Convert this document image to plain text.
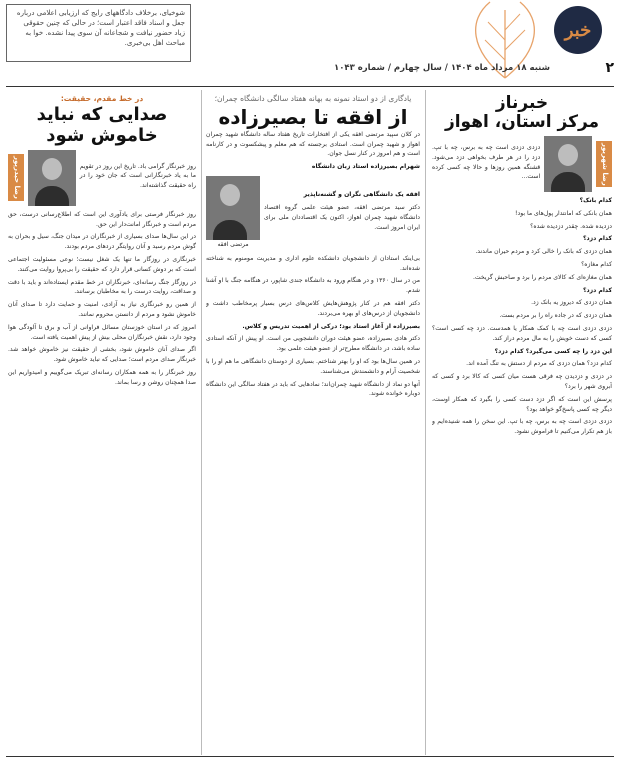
خبر
۲
شنبه ۱۸ مرداد ماه ۱۴۰۴ / سال چهارم / شماره ۱۰۴۳
شوخیای، برخلاف دادگاههای رایج که ارزیابی اعلامی درباره جعل و اسناد فاقد اعتبار است؛ در حالی که چنین حقوقی زیاد حضور نیافت و شجاعانه آن سوی پیدا نشده. خوا به مباحث اهل بی‌خبری.
خبرناز
مرکز استان، اهواز
رضا شهریور

دزدی دزدی است چه به برس، چه با تپ. دزد را در هر طرف بخواهی دزد می‌شود. قشنگه همین روزها و حالا چه کسی کرده است...

کدام بانک؟

همان بانکی که امانتدار پول‌های ما بود!

دزدیده شده. چقدر دزدیده شده؟

کدام دزد؟

همان دزدی که بانک را خالی کرد و مردم حیران ماندند.

کدام مغازه؟

همان مغازه‌ای که کالای مردم را برد و صاحبش گریخت.

کدام دزد؟

همان دزدی که دیروز یه بانک زد.

همان دزدی که در جاده راه را بر مردم بست.

دزدی دزدی است چه با کمک همکار یا همدست. دزد چه کسی است؟ کسی که دست خویش را به مال مردم دراز کند.

این دزد را چه کسی می‌گیرد؟ کدام دزد؟

کدام دزد؟ همان دزدی که مردم از دستش به تنگ آمده اند.

در دزدی و دزدیدن چه فرقی هست میان کسی که کالا برد و کسی که آبروی شهر را برد؟

پرسش این است که اگر دزد دست کسی را بگیرد که همکار اوست، دیگر چه کسی پاسخ‌گو خواهد بود؟

دزدی دزدی است چه به برس، چه با تپ. این سخن را همه شنیده‌ایم و باز هم تکرار می‌کنیم تا فراموش نشود.

یادگاری از دو استاد نمونه به بهانه هفتاد سالگی دانشگاه چمران؛
از افقه تا بصیرزاده

در کلان سپید مرتضی افقه یکی از افتخارات تاریخ هفتاد ساله دانشگاه شهید چمران اهواز و شهید چمران است. استادی برجسته که هم معلم و پیشکسوت و در کارنامه است و هم امروز در کنار نسل جوان.

شهرام بصیرزاده استاد زبان دانشگاه

افقه یک دانشگاهی نگران و گشنه‌ناپذیر

دکتر سید مرتضی افقه، عضو هیئت علمی گروه اقتصاد دانشگاه شهید چمران اهواز، اکنون یک اقتصاددان ملی برای ایران امروز است.

مرتضی افقه

بی‌اینک استادان از دانشجویان دانشکده علوم اداری و مدیریت مومنوم به شناخته شده‌اند.

من در سال ۱۳۶۰ و در هنگام ورود به دانشگاه جندی شاپور، در هنگامه جنگ با او آشنا شدم.

دکتر افقه هم در کنار پژوهش‌هایش کلاس‌های درس بسیار پرمخاطب داشت و دانشجویان از درس‌های او بهره می‌بردند.

بصیرزاده از آغاز استاد بود؛ درکی از اهمیت تدریس و کلاس.

دکتر هادی بصیرزاده، عضو هیئت دوران دانشجویی من است. او پیش از آنکه استادی ساده باشد، در دانشگاه مطرح‌تر از عضو هیئت علمی بود.

در همین سال‌ها بود که او را بهتر شناختم. بسیاری از دوستان دانشگاهی ما هم او را با شخصیت آرام و دانشمندش می‌شناسند.

آنها دو نماد از دانشگاه شهید چمران‌اند؛ نمادهایی که باید در هفتاد سالگی این دانشگاه دوباره خوانده شوند.

در خط مقدم، حقیقت:
صدایی که نباید
خاموش شود

روز خبرنگار گرامی باد. تاریخ این روز در تقویم ما به یاد خبرنگارانی است که جان خود را در راه حقیقت گذاشته‌اند.

رضا حیدرپور

روز خبرنگار فرصتی برای یادآوری این است که اطلاع‌رسانی درست، حق مردم است و خبرنگار امانت‌دار این حق.

در این سال‌ها صدای بسیاری از خبرنگاران در میدان جنگ، سیل و بحران به گوش مردم رسید و آنان روایتگر دردهای مردم بودند.

خبرنگاری در روزگار ما تنها یک شغل نیست؛ نوعی مسئولیت اجتماعی است که بر دوش کسانی قرار دارد که حقیقت را بی‌پروا روایت می‌کنند.

در روزگار جنگ رسانه‌ای، خبرنگاران در خط مقدم ایستاده‌اند و باید با دقت و صداقت، روایت درست را به مخاطبان برسانند.

از همین رو خبرنگاری نیاز به آزادی، امنیت و حمایت دارد تا صدای آنان خاموش نشود و مردم از دانستن محروم نمانند.

امروز که در استان خوزستان مسائل فراوانی از آب و برق تا آلودگی هوا وجود دارد، نقش خبرنگاران محلی بیش از پیش اهمیت یافته است.

اگر صدای آنان خاموش شود، بخشی از حقیقت نیز خاموش خواهد شد. خبرنگار صدای مردم است؛ صدایی که نباید خاموش شود.

روز خبرنگار را به همه همکاران رسانه‌ای تبریک می‌گوییم و امیدواریم این صدا همچنان روشن و رسا بماند.
